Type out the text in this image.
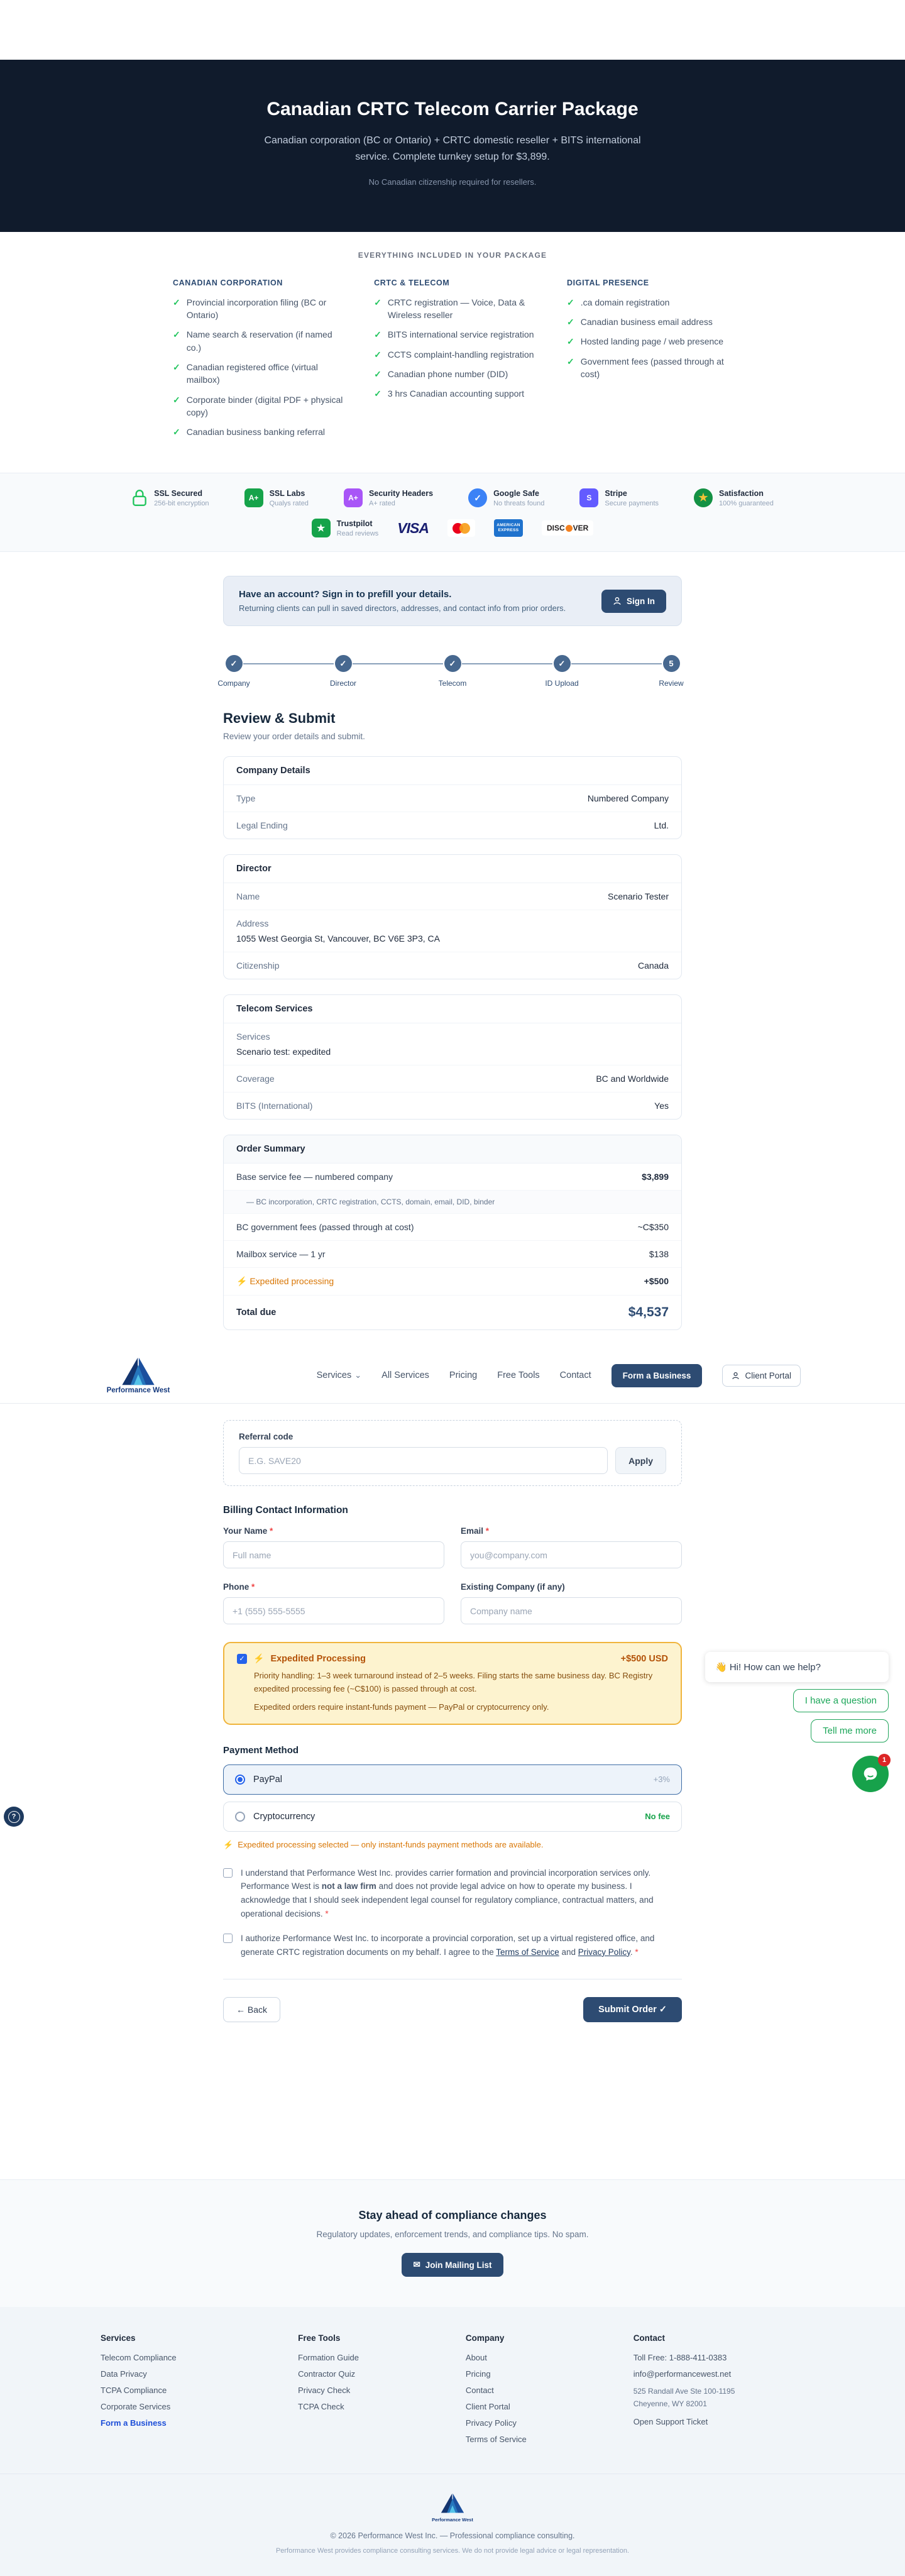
Canadian CRTC Telecom Carrier Package
Canadian corporation (BC or Ontario) + CRTC domestic reseller + BITS international service. Complete turnkey setup for $3,899.
No Canadian citizenship required for resellers.
EVERYTHING INCLUDED IN YOUR PACKAGE
CANADIAN CORPORATION
✓ Provincial incorporation filing (BC or Ontario)
✓ Name search & reservation (if named co.)
✓ Canadian registered office (virtual mailbox)
✓ Corporate binder (digital PDF + physical copy)
✓ Canadian business banking referral
CRTC & TELECOM
✓ CRTC registration — Voice, Data & Wireless reseller
✓ BITS international service registration
✓ CCTS complaint-handling registration
✓ Canadian phone number (DID)
✓ 3 hrs Canadian accounting support
DIGITAL PRESENCE
✓ .ca domain registration
✓ Canadian business email address
✓ Hosted landing page / web presence
✓ Government fees (passed through at cost)
SSL Secured
256-bit encryption
A+
SSL Labs
Qualys rated
A+
Security Headers
A+ rated
✓	Google Safe
No threats found
S
Stripe
Secure payments	★	Satisfaction
100% guaranteed
★	Trustpilot
Read reviews VISA	AMERICAN
EXPRESS	DISC VER
Have an account? Sign in to prefill your details.

Returning clients can pull in saved directors, addresses, and contact info from prior orders.

Sign In
✓
Company
✓
Director
✓
Telecom
✓
ID Upload
5
Review
Review & Submit
Review your order details and submit.
Company Details
Type	Numbered Company
Legal Ending	Ltd.
Director
Name	Scenario Tester
Address
1055 West Georgia St, Vancouver, BC V6E 3P3, CA
Citizenship	Canada
Telecom Services
Services
Scenario test: expedited
Coverage	BC and Worldwide
BITS (International)	Yes
Order Summary
Base service fee — numbered company	$3,899
— BC incorporation, CRTC registration, CCTS, domain, email, DID, binder
BC government fees (passed through at cost)	~C$350
Mailbox service — 1 yr	$138
⚡ Expedited processing	+$500
Total due	$4,537
Performance West
Services ⌄ All Services Pricing Free Tools Contact	Form a Business	Client Portal
Referral code
E.G. SAVE20
Apply
Billing Contact Information
Your Name *
Full name	Email *
you@company.com
Phone *
+1 (555) 555-5555	Existing Company (if any)
Company name
✓ ⚡ Expedited Processing	+$500 USD
Priority handling: 1–3 week turnaround instead of 2–5 weeks. Filing starts the same business day. BC Registry expedited processing fee (~C$100) is passed through at cost.
Expedited orders require instant-funds payment — PayPal or cryptocurrency only.
Payment Method
PayPal	+3%
Cryptocurrency	No fee
⚡ Expedited processing selected — only instant-funds payment methods are available.
I understand that Performance West Inc. provides carrier formation and provincial incorporation services only. Performance West is not a law firm and does not provide legal advice on how to operate my business. I acknowledge that I should seek independent legal counsel for regulatory compliance, contractual matters, and operational decisions. *
I authorize Performance West Inc. to incorporate a provincial corporation, set up a virtual registered office, and generate CRTC registration documents on my behalf. I agree to the Terms of Service and Privacy Policy. *
← Back	Submit Order ✓
Stay ahead of compliance changes

Regulatory updates, enforcement trends, and compliance tips. No spam.

✉ Join Mailing List
Services
Telecom Compliance
Data Privacy
TCPA Compliance
Corporate Services
Form a Business
Free Tools
Formation Guide
Contractor Quiz
Privacy Check
TCPA Check
Company
About
Pricing
Contact
Client Portal
Privacy Policy
Terms of Service
Contact
Toll Free: 1-888-411-0383
info@performancewest.net
525 Randall Ave Ste 100-1195
Cheyenne, WY 82001
Open Support Ticket
Performance West
© 2026 Performance West Inc. — Professional compliance consulting.
Performance West provides compliance consulting services. We do not provide legal advice or legal representation.
👋 Hi! How can we help?
I have a question
Tell me more
1
?
